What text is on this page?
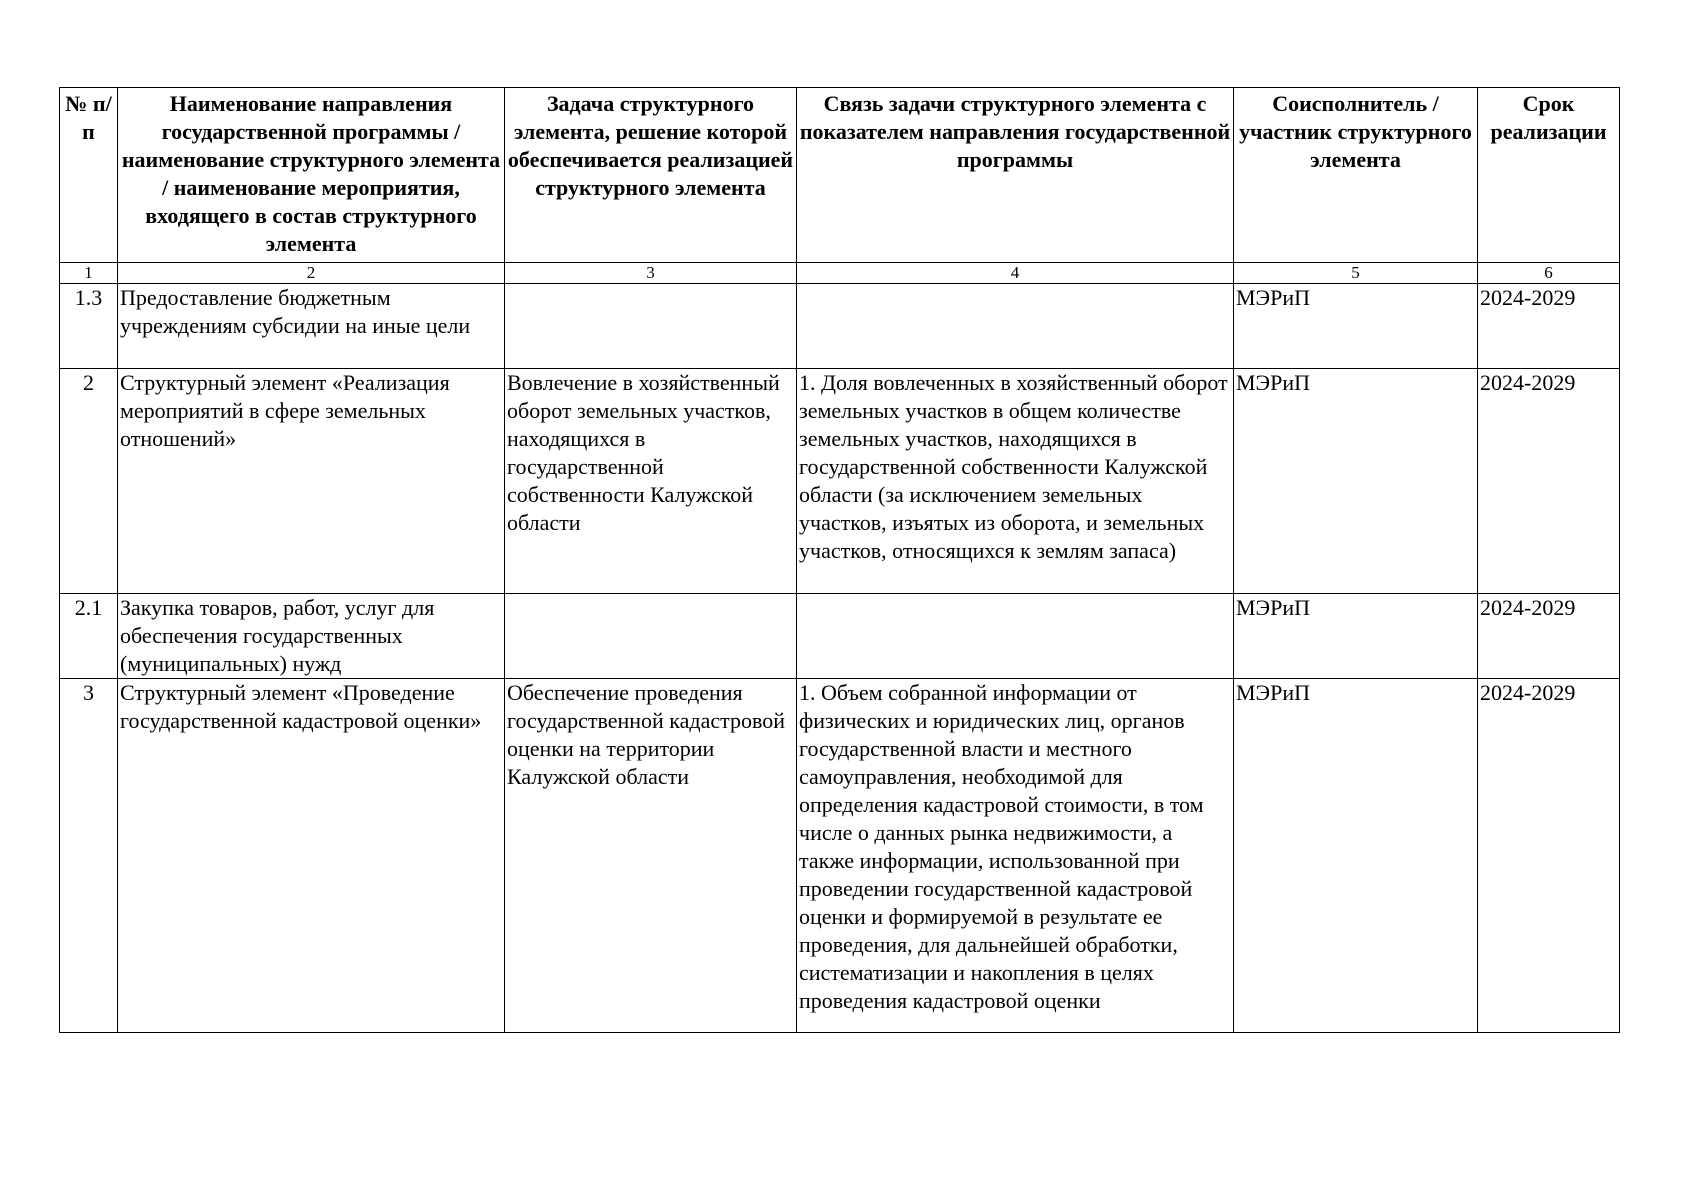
№ п/п	Наименование направления государственной программы / наименование структурного элемента / наименование мероприятия, входящего в состав структурного элемента	Задача структурного элемента, решение которой обеспечивается реализацией структурного элемента	Связь задачи структурного элемента с показателем направления государственной программы	Соисполнитель / участник структурного элемента	Срок реализации
1	2	3	4	5	6
1.3	Предоставление бюджетным учреждениям субсидии на иные цели			МЭРиП	2024-2029
2	Структурный элемент «Реализация мероприятий в сфере земельных отношений»	Вовлечение в хозяйственный оборот земельных участков, находящихся в государственной собственности Калужской области	1. Доля вовлеченных в хозяйственный оборот земельных участков в общем количестве земельных участков, находящихся в государственной собственности Калужской области (за исключением земельных участков, изъятых из оборота, и земельных участков, относящихся к землям запаса)	МЭРиП	2024-2029
2.1	Закупка товаров, работ, услуг для обеспечения государственных (муниципальных) нужд			МЭРиП	2024-2029
3	Структурный элемент «Проведение государственной кадастровой оценки»	Обеспечение проведения государственной кадастровой оценки на территории Калужской области	1. Объем собранной информации от физических и юридических лиц, органов государственной власти и местного самоуправления, необходимой для определения кадастровой стоимости, в том числе о данных рынка недвижимости, а также информации, использованной при проведении государственной кадастровой оценки и формируемой в результате ее проведения, для дальнейшей обработки, систематизации и накопления в целях проведения кадастровой оценки	МЭРиП	2024-2029
